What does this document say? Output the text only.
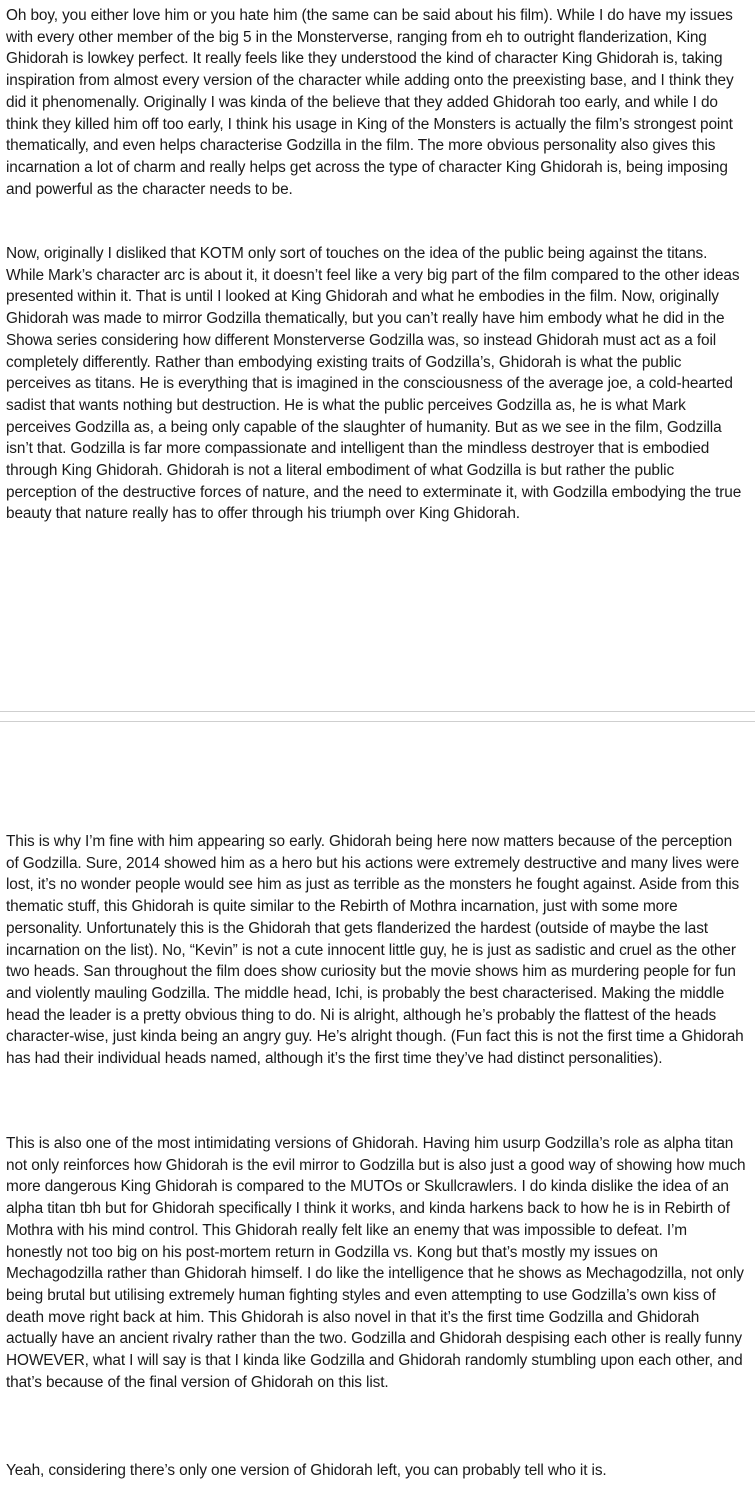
Oh boy, you either love him or you hate him (the same can be said about his film). While I do have my issues with every other member of the big 5 in the Monsterverse, ranging from eh to outright flanderization, King Ghidorah is lowkey perfect. It really feels like they understood the kind of character King Ghidorah is, taking inspiration from almost every version of the character while adding onto the preexisting base, and I think they did it phenomenally. Originally I was kinda of the believe that they added Ghidorah too early, and while I do think they killed him off too early, I think his usage in King of the Monsters is actually the film’s strongest point thematically, and even helps characterise Godzilla in the film. The more obvious personality also gives this incarnation a lot of charm and really helps get across the type of character King Ghidorah is, being imposing and powerful as the character needs to be.

Now, originally I disliked that KOTM only sort of touches on the idea of the public being against the titans. While Mark’s character arc is about it, it doesn’t feel like a very big part of the film compared to the other ideas presented within it. That is until I looked at King Ghidorah and what he embodies in the film. Now, originally Ghidorah was made to mirror Godzilla thematically, but you can’t really have him embody what he did in the Showa series considering how different Monsterverse Godzilla was, so instead Ghidorah must act as a foil completely differently. Rather than embodying existing traits of Godzilla’s, Ghidorah is what the public perceives as titans. He is everything that is imagined in the consciousness of the average joe, a cold-hearted sadist that wants nothing but destruction. He is what the public perceives Godzilla as, he is what Mark perceives Godzilla as, a being only capable of the slaughter of humanity. But as we see in the film, Godzilla isn’t that. Godzilla is far more compassionate and intelligent than the mindless destroyer that is embodied through King Ghidorah. Ghidorah is not a literal embodiment of what Godzilla is but rather the public perception of the destructive forces of nature, and the need to exterminate it, with Godzilla embodying the true beauty that nature really has to offer through his triumph over King Ghidorah.

This is why I’m fine with him appearing so early. Ghidorah being here now matters because of the perception of Godzilla. Sure, 2014 showed him as a hero but his actions were extremely destructive and many lives were lost, it’s no wonder people would see him as just as terrible as the monsters he fought against. Aside from this thematic stuff, this Ghidorah is quite similar to the Rebirth of Mothra incarnation, just with some more personality. Unfortunately this is the Ghidorah that gets flanderized the hardest (outside of maybe the last incarnation on the list). No, “Kevin” is not a cute innocent little guy, he is just as sadistic and cruel as the other two heads. San throughout the film does show curiosity but the movie shows him as murdering people for fun and violently mauling Godzilla. The middle head, Ichi, is probably the best characterised. Making the middle head the leader is a pretty obvious thing to do. Ni is alright, although he’s probably the flattest of the heads character-wise, just kinda being an angry guy. He’s alright though. (Fun fact this is not the first time a Ghidorah has had their individual heads named, although it’s the first time they’ve had distinct personalities).

This is also one of the most intimidating versions of Ghidorah. Having him usurp Godzilla’s role as alpha titan not only reinforces how Ghidorah is the evil mirror to Godzilla but is also just a good way of showing how much more dangerous King Ghidorah is compared to the MUTOs or Skullcrawlers. I do kinda dislike the idea of an alpha titan tbh but for Ghidorah specifically I think it works, and kinda harkens back to how he is in Rebirth of Mothra with his mind control. This Ghidorah really felt like an enemy that was impossible to defeat. I’m honestly not too big on his post-mortem return in Godzilla vs. Kong but that’s mostly my issues on Mechagodzilla rather than Ghidorah himself. I do like the intelligence that he shows as Mechagodzilla, not only being brutal but utilising extremely human fighting styles and even attempting to use Godzilla’s own kiss of death move right back at him. This Ghidorah is also novel in that it’s the first time Godzilla and Ghidorah actually have an ancient rivalry rather than the two. Godzilla and Ghidorah despising each other is really funny HOWEVER, what I will say is that I kinda like Godzilla and Ghidorah randomly stumbling upon each other, and that’s because of the final version of Ghidorah on this list.

Yeah, considering there’s only one version of Ghidorah left, you can probably tell who it is.
